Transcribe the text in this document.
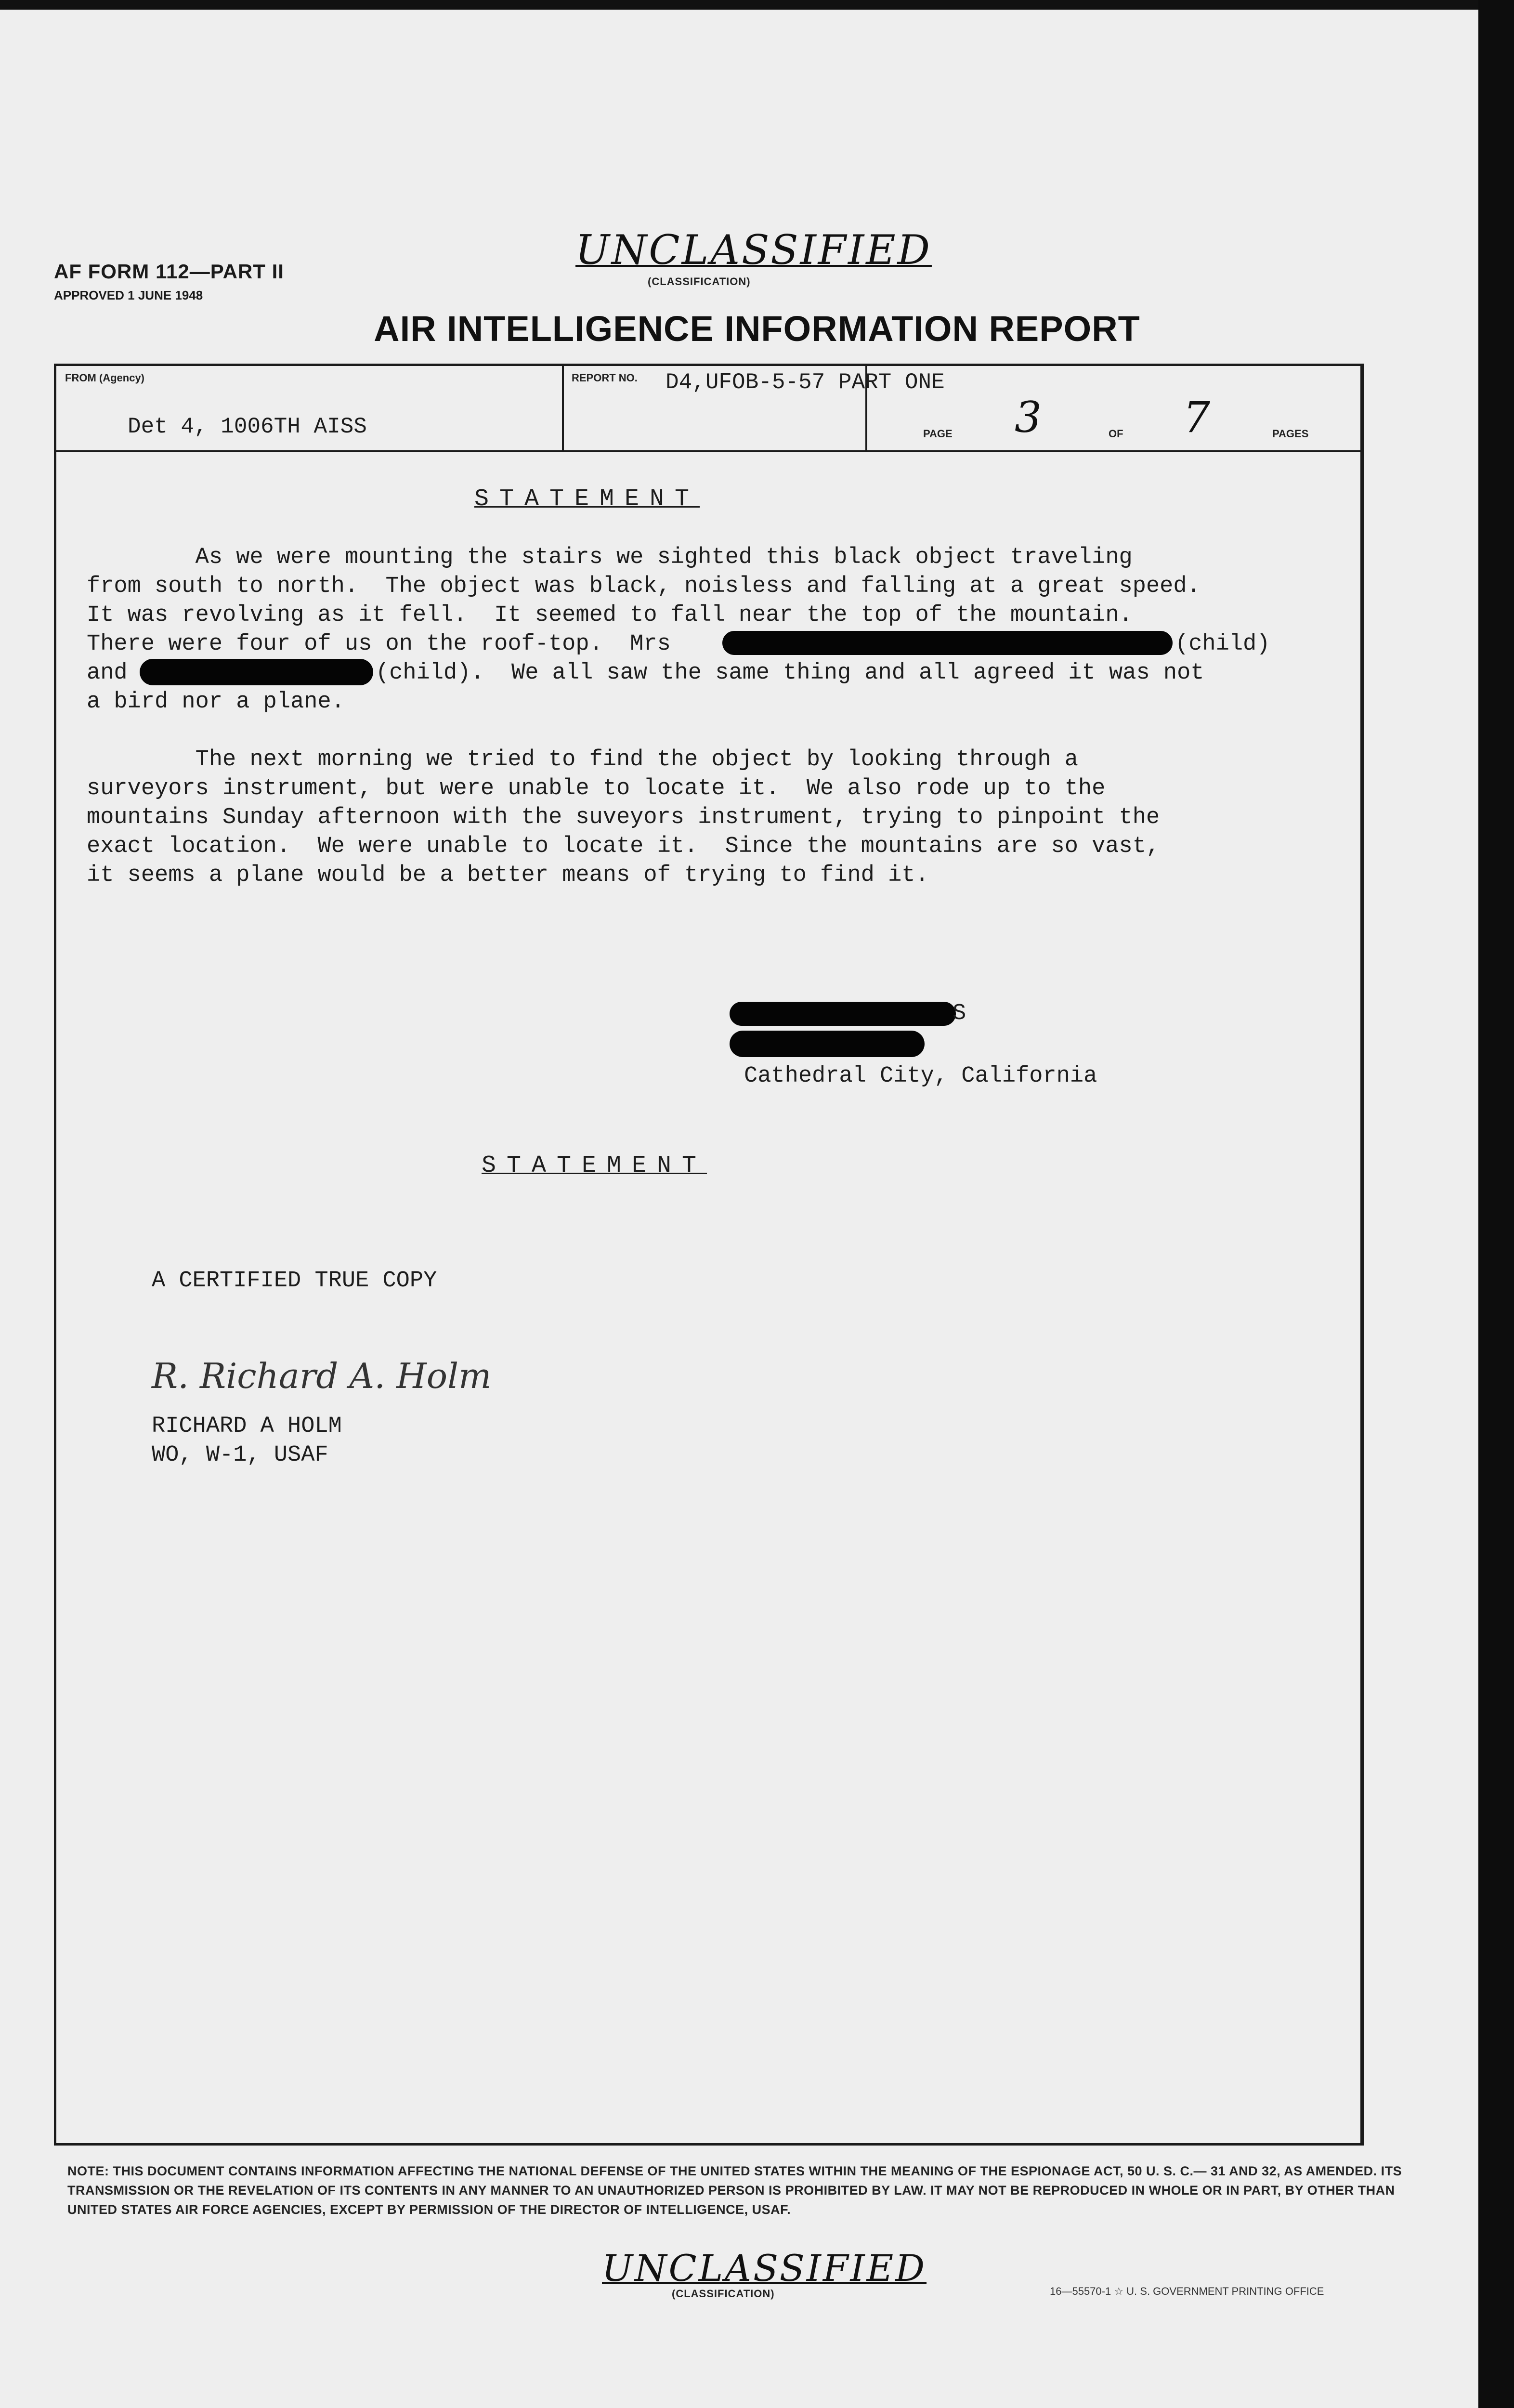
AF FORM 112—PART II
APPROVED 1 JUNE 1948
UNCLASSIFIED
(CLASSIFICATION)
AIR INTELLIGENCE INFORMATION REPORT
FROM (Agency)
Det 4, 1006TH AISS
REPORT NO. D4,UFOB-5-57 PART ONE
PAGE 3	OF 7	PAGES
STATEMENT
As we were mounting the stairs we sighted this black object traveling
from south to north.  The object was black, noisless and falling at a great speed.
It was revolving as it fell.  It seemed to fall near the top of the mountain.
There were four of us on the roof-top.  Mrs	(child)
and	(child).  We all saw the same thing and all agreed it was not
a bird nor a plane.
The next morning we tried to find the object by looking through a
surveyors instrument, but were unable to locate it.  We also rode up to the
mountains Sunday afternoon with the suveyors instrument, trying to pinpoint the
exact location.  We were unable to locate it.  Since the mountains are so vast,
it seems a plane would be a better means of trying to find it.
S
Cathedral City, California
STATEMENT
A CERTIFIED TRUE COPY
R. Richard A. Holm
RICHARD A HOLM
WO, W-1, USAF
NOTE: THIS DOCUMENT CONTAINS INFORMATION AFFECTING THE NATIONAL DEFENSE OF THE UNITED STATES WITHIN THE MEANING OF THE ESPIONAGE ACT, 50 U. S. C.— 31 AND 32, AS AMENDED. ITS TRANSMISSION OR THE REVELATION OF ITS CONTENTS IN ANY MANNER TO AN UNAUTHORIZED PERSON IS PROHIBITED BY LAW. IT MAY NOT BE REPRODUCED IN WHOLE OR IN PART, BY OTHER THAN UNITED STATES AIR FORCE AGENCIES, EXCEPT BY PERMISSION OF THE DIRECTOR OF INTELLIGENCE, USAF.
UNCLASSIFIED
(CLASSIFICATION)	16—55570-1 ☆ U. S. GOVERNMENT PRINTING OFFICE
